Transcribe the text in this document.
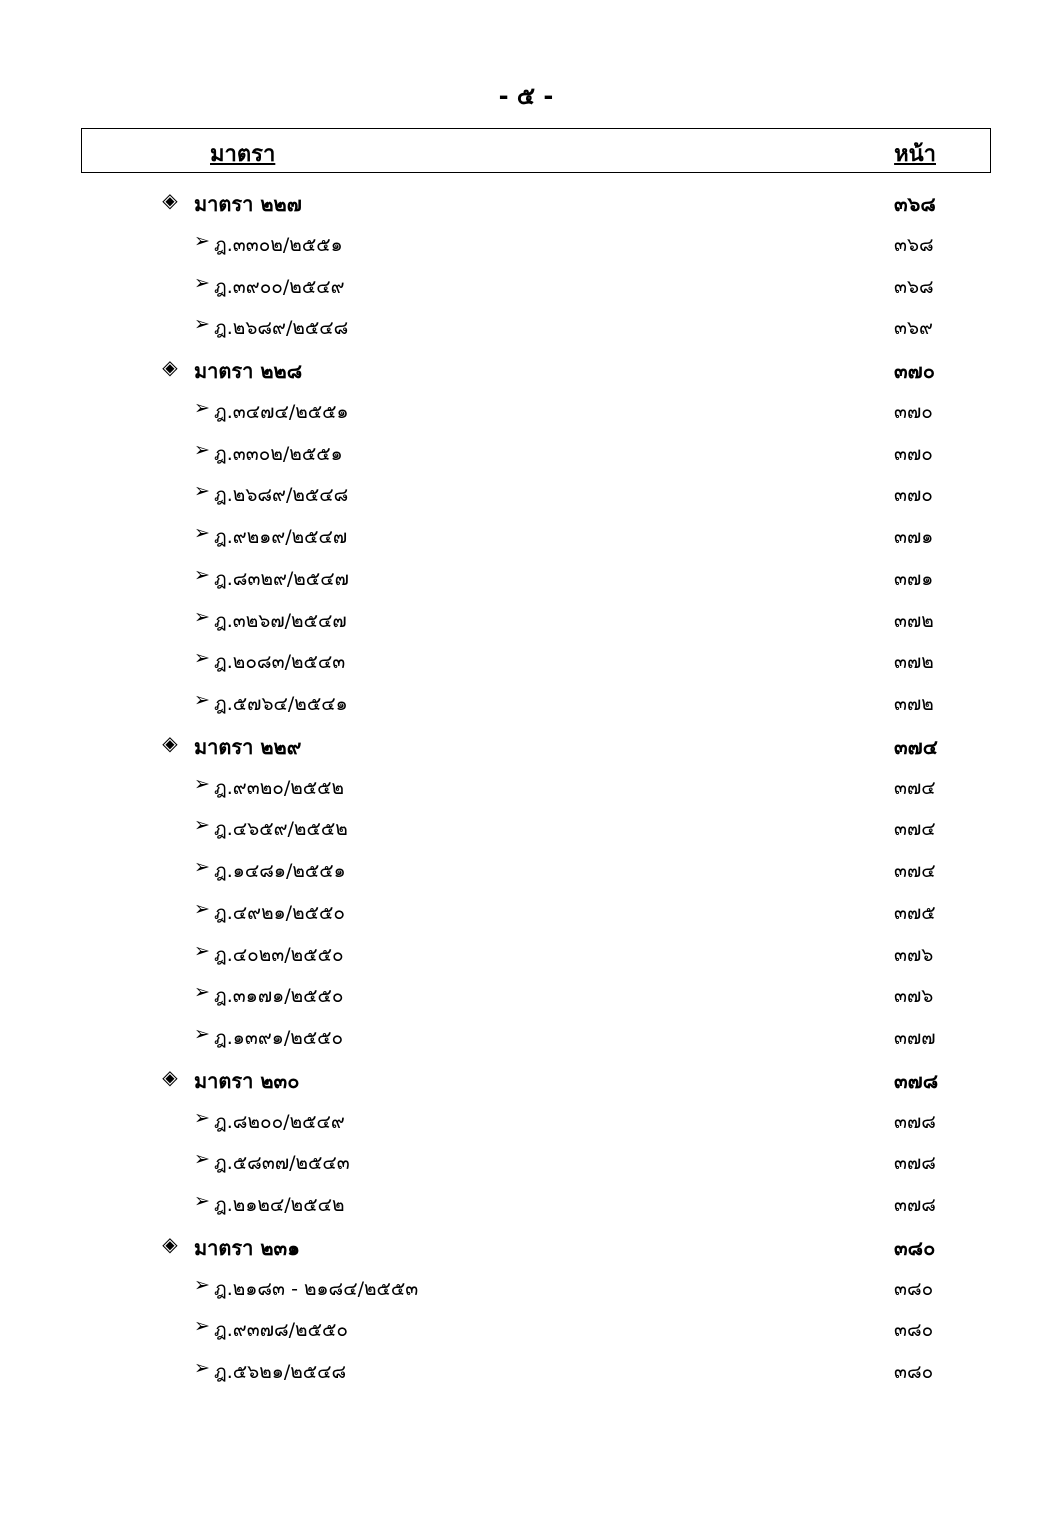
- ๕ -
มาตรา	หน้า
◈ มาตรา ๒๒๗	๓๖๘
➢ ฎ.๓๓๐๒/๒๕๕๑	๓๖๘
➢ ฎ.๓๙๐๐/๒๕๔๙	๓๖๘
➢ ฎ.๒๖๘๙/๒๕๔๘	๓๖๙
◈ มาตรา ๒๒๘	๓๗๐
➢ ฎ.๓๔๗๔/๒๕๕๑	๓๗๐
➢ ฎ.๓๓๐๒/๒๕๕๑	๓๗๐
➢ ฎ.๒๖๘๙/๒๕๔๘	๓๗๐
➢ ฎ.๙๒๑๙/๒๕๔๗	๓๗๑
➢ ฎ.๘๓๒๙/๒๕๔๗	๓๗๑
➢ ฎ.๓๒๖๗/๒๕๔๗	๓๗๒
➢ ฎ.๒๐๘๓/๒๕๔๓	๓๗๒
➢ ฎ.๕๗๖๔/๒๕๔๑	๓๗๒
◈ มาตรา ๒๒๙	๓๗๔
➢ ฎ.๙๓๒๐/๒๕๕๒	๓๗๔
➢ ฎ.๔๖๕๙/๒๕๕๒	๓๗๔
➢ ฎ.๑๔๘๑/๒๕๕๑	๓๗๔
➢ ฎ.๔๙๒๑/๒๕๕๐	๓๗๕
➢ ฎ.๔๐๒๓/๒๕๕๐	๓๗๖
➢ ฎ.๓๑๗๑/๒๕๕๐	๓๗๖
➢ ฎ.๑๓๙๑/๒๕๕๐	๓๗๗
◈ มาตรา ๒๓๐	๓๗๘
➢ ฎ.๘๒๐๐/๒๕๔๙	๓๗๘
➢ ฎ.๕๘๓๗/๒๕๔๓	๓๗๘
➢ ฎ.๒๑๒๔/๒๕๔๒	๓๗๘
◈ มาตรา ๒๓๑	๓๘๐
➢ ฎ.๒๑๘๓ - ๒๑๘๔/๒๕๕๓	๓๘๐
➢ ฎ.๙๓๗๘/๒๕๕๐	๓๘๐
➢ ฎ.๕๖๒๑/๒๕๔๘	๓๘๐
